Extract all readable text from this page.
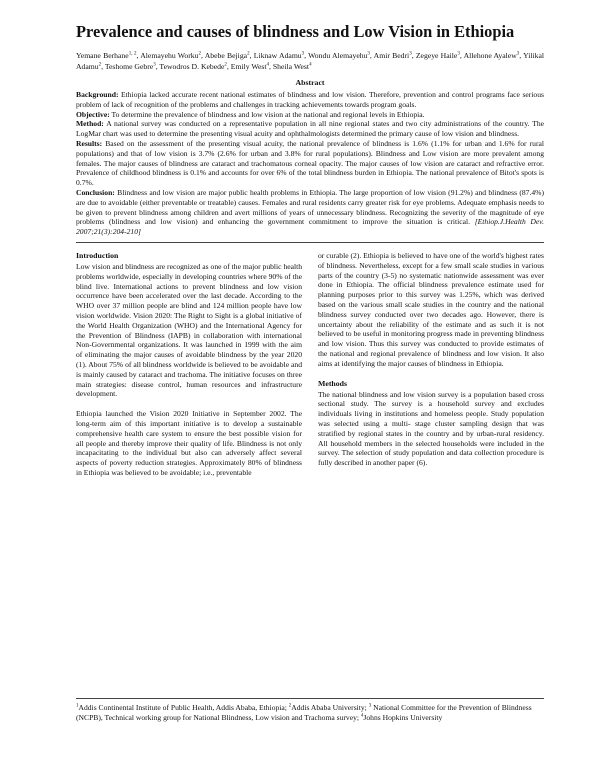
Prevalence and causes of blindness and Low Vision in Ethiopia
Yemane Berhane$^{1, 2}$, Alemayehu Worku$^2$, Abebe Bejiga$^2$, Liknaw Adamu$^3$, Wondu Alemayehu$^3$, Amir Bedri$^3$, Zegeye Haile$^3$, Allehone Ayalew$^3$, Yilikal Adamu$^2$, Teshome Gebre$^3$, Tewodros D. Kebede$^2$, Emily West$^4$, Sheila West$^4$
Abstract

Background: Ethiopia lacked accurate recent national estimates of blindness and low vision. Therefore, prevention and control programs face serious problem of lack of recognition of the problems and challenges in tracking achievements towards program goals.

Objective: To determine the prevalence of blindness and low vision at the national and regional levels in Ethiopia.

Method: A national survey was conducted on a representative population in all nine regional states and two city administrations of the country. The LogMar chart was used to determine the presenting visual acuity and ophthalmologists determined the primary cause of low vision and blindness.

Results: Based on the assessment of the presenting visual acuity, the national prevalence of blindness is 1.6% (1.1% for urban and 1.6% for rural populations) and that of low vision is 3.7% (2.6% for urban and 3.8% for rural populations). Blindness and Low vision are more prevalent among females. The major causes of blindness are cataract and trachomatous corneal opacity. The major causes of low vision are cataract and refractive error. Prevalence of childhood blindness is 0.1% and accounts for over 6% of the total blindness burden in Ethiopia. The national prevalence of Bitot's spots is 0.7%.

Conclusion: Blindness and low vision are major public health problems in Ethiopia. The large proportion of low vision (91.2%) and blindness (87.4%) are due to avoidable (either preventable or treatable) causes. Females and rural residents carry greater risk for eye problems. Adequate emphasis needs to be given to prevent blindness among children and avert millions of years of unnecessary blindness. Recognizing the severity of the magnitude of eye problems (blindness and low vision) and enhancing the government commitment to improve the situation is critical. [Ethiop.J.Health Dev. 2007;21(3):204-210]

Introduction

Low vision and blindness are recognized as one of the major public health problems worldwide, especially in developing countries where 90% of the blind live. International actions to prevent blindness and low vision occurrence have been accelerated over the last decade. According to the WHO over 37 million people are blind and 124 million people have low vision worldwide. Vision 2020: The Right to Sight is a global initiative of the World Health Organization (WHO) and the International Agency for the Prevention of Blindness (IAPB) in collaboration with international Non-Governmental organizations. It was launched in 1999 with the aim of eliminating the major causes of avoidable blindness by the year 2020 (1). About 75% of all blindness worldwide is believed to be avoidable and is mainly caused by cataract and trachoma. The initiative focuses on three main strategies: disease control, human resources and infrastructure development.

Ethiopia launched the Vision 2020 Initiative in September 2002. The long-term aim of this important initiative is to develop a sustainable comprehensive health care system to ensure the best possible vision for all people and thereby improve their quality of life. Blindness is not only incapacitating to the individual but also can adversely affect several aspects of poverty reduction strategies. Approximately 80% of blindness in Ethiopia was believed to be avoidable; i.e., preventable

or curable (2). Ethiopia is believed to have one of the world's highest rates of blindness. Nevertheless, except for a few small scale studies in various parts of the country (3-5) no systematic nationwide assessment was ever done in Ethiopia. The official blindness prevalence estimate used for planning purposes prior to this survey was 1.25%, which was derived based on the various small scale studies in the country and the national blindness survey conducted over two decades ago. However, there is uncertainty about the reliability of the estimate and as such it is not believed to be useful in monitoring progress made in preventing blindness and low vision. Thus this survey was conducted to provide estimates of the national and regional prevalence of blindness and low vision. It also aims at identifying the major causes of blindness in Ethiopia.

Methods

The national blindness and low vision survey is a population based cross sectional study. The survey is a household survey and excludes individuals living in institutions and homeless people. Study population was selected using a multi- stage cluster sampling design that was stratified by regional states in the country and by urban-rural residency. All household members in the selected households were included in the survey. The selection of study population and data collection procedure is fully described in another paper (6).

$^1$Addis Continental Institute of Public Health, Addis Ababa, Ethiopia; $^2$Addis Ababa University; $^3$ National Committee for the Prevention of Blindness (NCPB), Technical working group for National Blindness, Low vision and Trachoma survey; $^4$Johns Hopkins University
